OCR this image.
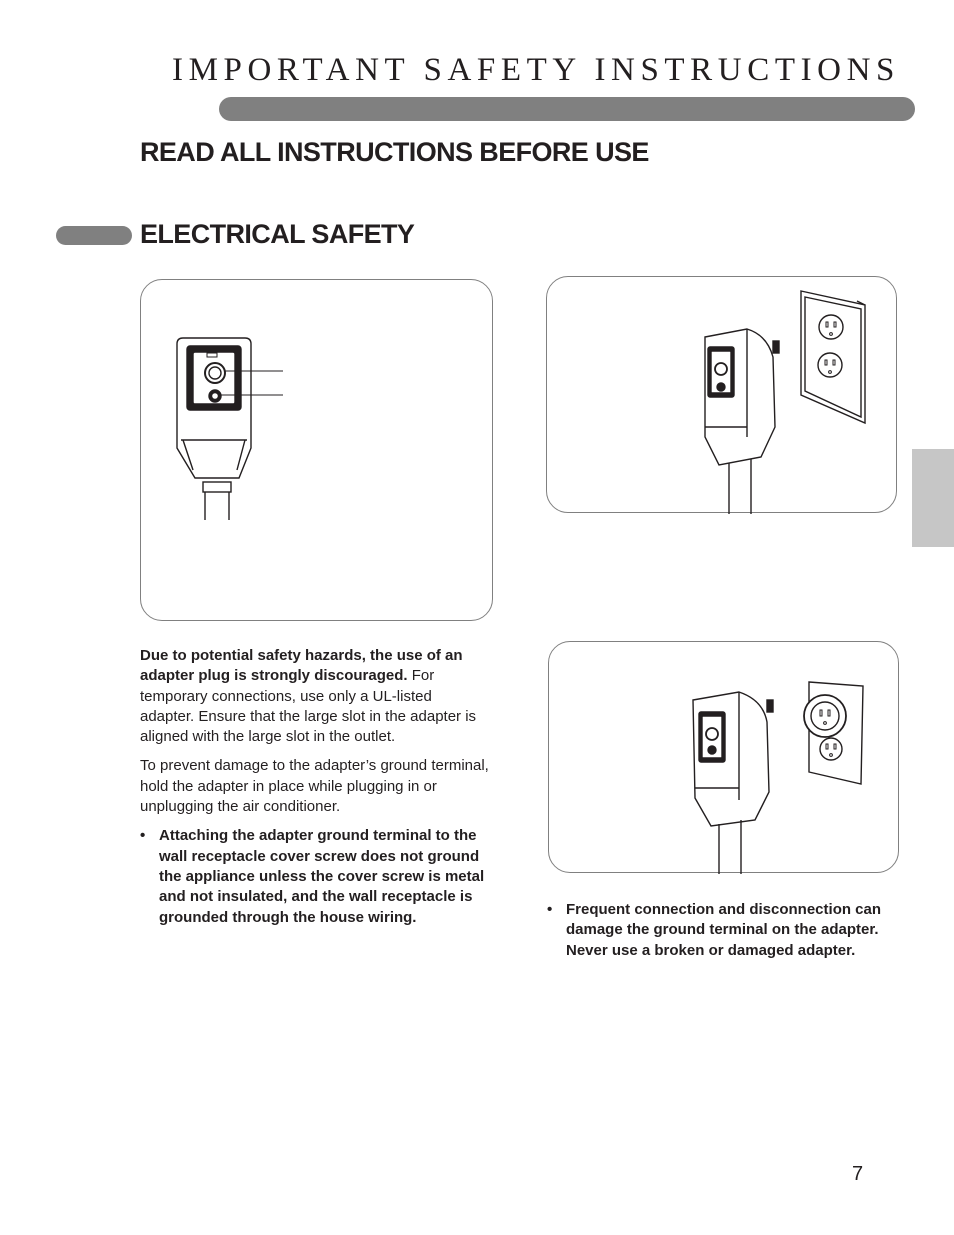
IMPORTANT SAFETY INSTRUCTIONS
READ ALL INSTRUCTIONS BEFORE USE
ELECTRICAL SAFETY

Due to potential safety hazards, the use of an adapter plug is strongly discouraged. For temporary connections, use only a UL-listed adapter. Ensure that the large slot in the adapter is aligned with the large slot in the outlet.

To prevent damage to the adapter’s ground terminal, hold the adapter in place while plugging in or unplugging the air conditioner.

• Attaching the adapter ground terminal to the wall receptacle cover screw does not ground the appliance unless the cover screw is metal and not insulated, and the wall receptacle is grounded through the house wiring.	• Frequent connection and disconnection can damage the ground terminal on the adapter. Never use a broken or damaged adapter.

7
